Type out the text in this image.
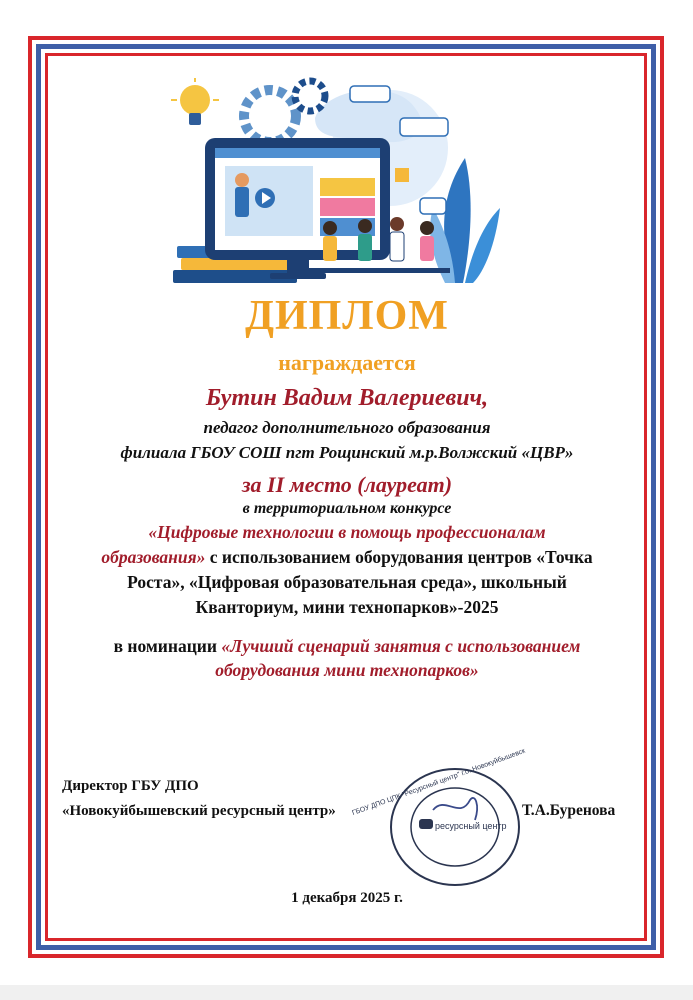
ДИПЛОМ

награждается

Бутин Вадим Валериевич,

педагог дополнительного образования

филиала ГБОУ СОШ пгт Рощинский м.р.Волжский «ЦВР»

за II место (лауреат)

в территориальном конкурсе

«Цифровые технологии в помощь профессионалам
образования» с использованием оборудования центров «Точка
Роста», «Цифровая образовательная среда», школьный
Кванториум, мини технопарков»-2025
в номинации «Лучший сценарий занятия с использованием
оборудования мини технопарков»

Директор ГБУ ДПО

«Новокуйбышевский ресурсный центр»

ресурсный центр
ГБОУ ДПО ЦПК "Ресурсный центр" г.о. Новокуйбышевск

Т.А.Буренова

1 декабря 2025 г.
